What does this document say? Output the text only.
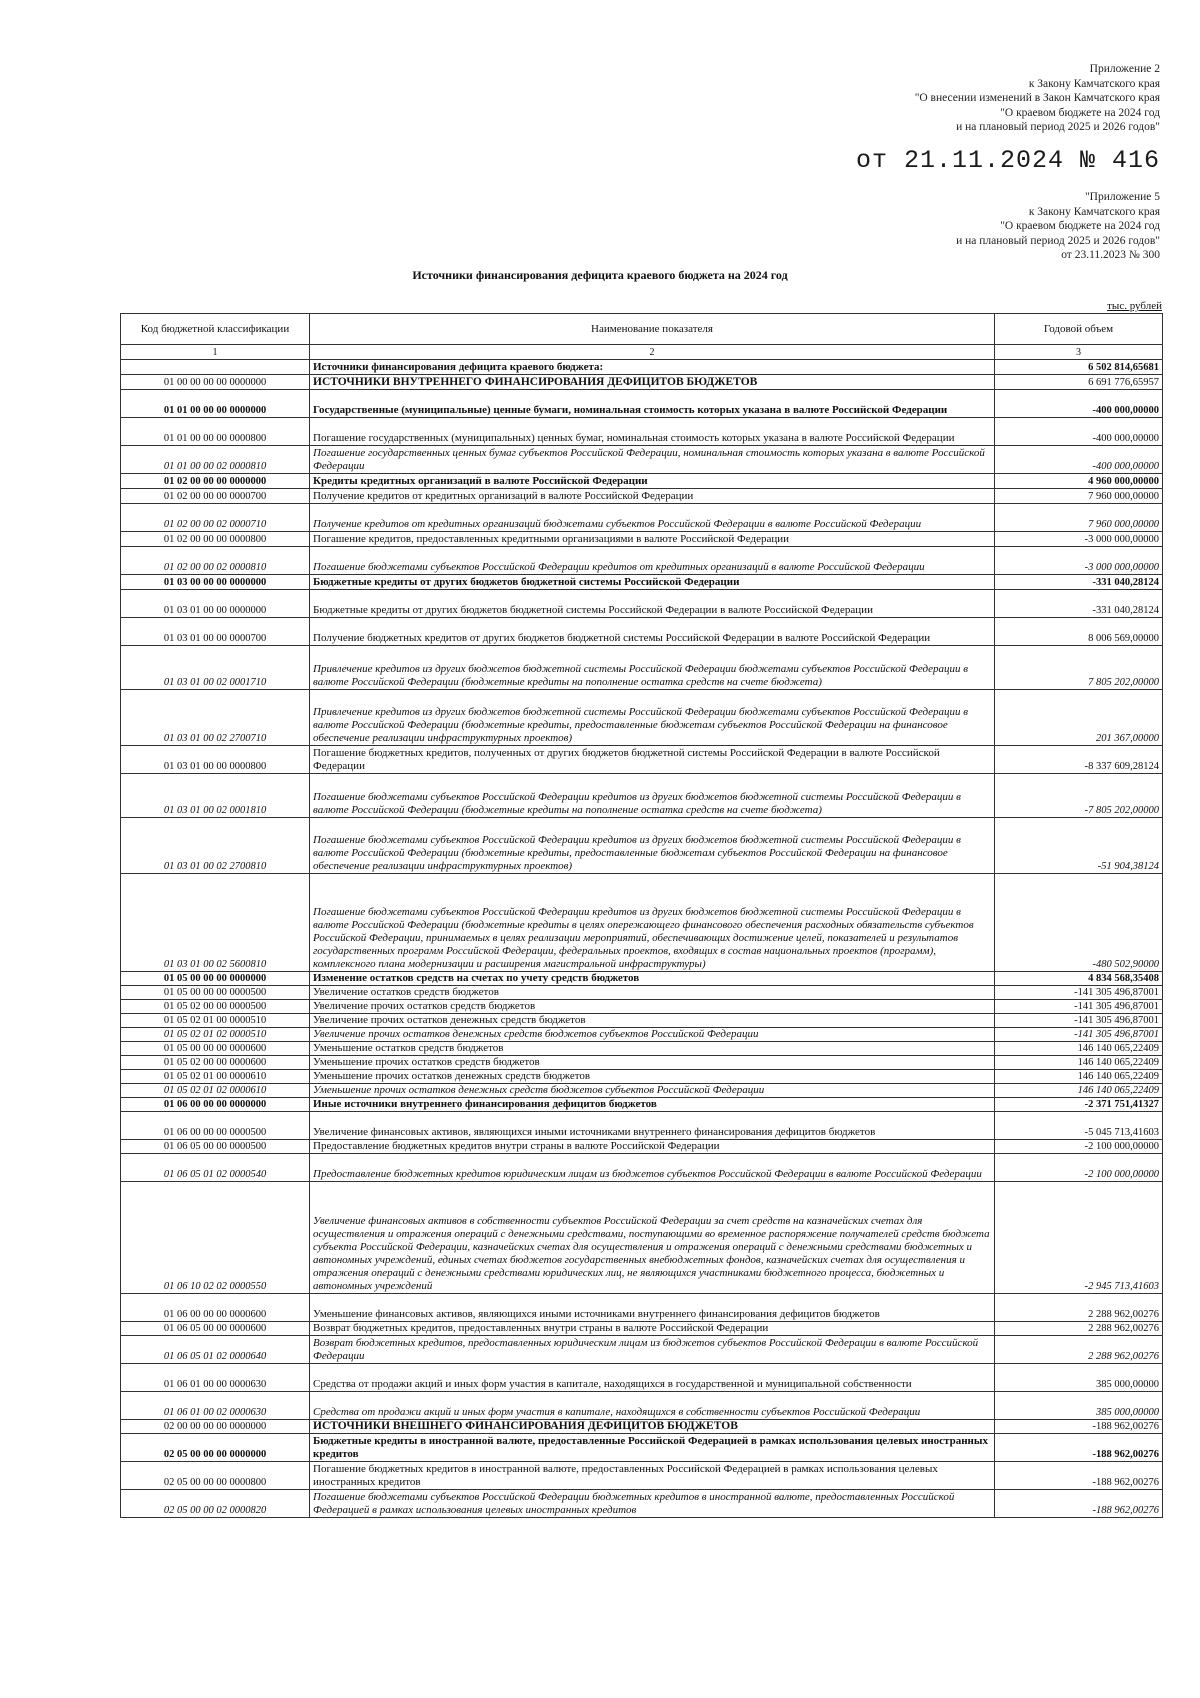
Приложение 2
к Закону Камчатского края
"О внесении изменений в Закон Камчатского края
"О краевом бюджете на 2024 год
и на плановый период 2025 и 2026 годов"
от 21.11.2024 № 416
"Приложение 5
к Закону Камчатского края
"О краевом бюджете на 2024 год
и на плановый период 2025 и 2026 годов"
от 23.11.2023 № 300
Источники финансирования дефицита краевого бюджета на 2024 год
тыс. рублей
Код бюджетной классификации	Наименование показателя	Годовой объем
1	2	3
	Источники финансирования дефицита краевого бюджета:	6 502 814,65681
01 00 00 00 00 0000000	ИСТОЧНИКИ ВНУТРЕННЕГО ФИНАНСИРОВАНИЯ ДЕФИЦИТОВ БЮДЖЕТОВ	6 691 776,65957
01 01 00 00 00 0000000	Государственные (муниципальные) ценные бумаги, номинальная стоимость которых указана в валюте Российской Федерации	-400 000,00000
01 01 00 00 00 0000800	Погашение государственных (муниципальных) ценных бумаг, номинальная стоимость которых указана в валюте Российской Федерации	-400 000,00000
01 01 00 00 02 0000810	Погашение государственных ценных бумаг субъектов Российской Федерации, номинальная стоимость которых указана в валюте Российской Федерации	-400 000,00000
01 02 00 00 00 0000000	Кредиты кредитных организаций в валюте Российской Федерации	4 960 000,00000
01 02 00 00 00 0000700	Получение кредитов от кредитных организаций в валюте Российской Федерации	7 960 000,00000
01 02 00 00 02 0000710	Получение кредитов от кредитных организаций бюджетами субъектов Российской Федерации в валюте Российской Федерации	7 960 000,00000
01 02 00 00 00 0000800	Погашение кредитов, предоставленных кредитными организациями в валюте Российской Федерации	-3 000 000,00000
01 02 00 00 02 0000810	Погашение бюджетами субъектов Российской Федерации кредитов от кредитных организаций в валюте Российской Федерации	-3 000 000,00000
01 03 00 00 00 0000000	Бюджетные кредиты от других бюджетов бюджетной системы Российской Федерации	-331 040,28124
01 03 01 00 00 0000000	Бюджетные кредиты от других бюджетов бюджетной системы Российской Федерации в валюте Российской Федерации	-331 040,28124
01 03 01 00 00 0000700	Получение бюджетных кредитов от других бюджетов бюджетной системы Российской Федерации в валюте Российской Федерации	8 006 569,00000
01 03 01 00 02 0001710	Привлечение кредитов из других бюджетов бюджетной системы Российской Федерации бюджетами субъектов Российской Федерации в валюте Российской Федерации (бюджетные кредиты на пополнение остатка средств на счете бюджета)	7 805 202,00000
01 03 01 00 02 2700710	Привлечение кредитов из других бюджетов бюджетной системы Российской Федерации бюджетами субъектов Российской Федерации в валюте Российской Федерации (бюджетные кредиты, предоставленные бюджетам субъектов Российской Федерации на финансовое обеспечение реализации инфраструктурных проектов)	201 367,00000
01 03 01 00 00 0000800	Погашение бюджетных кредитов, полученных от других бюджетов бюджетной системы Российской Федерации в валюте Российской Федерации	-8 337 609,28124
01 03 01 00 02 0001810	Погашение бюджетами субъектов Российской Федерации кредитов из других бюджетов бюджетной системы Российской Федерации в валюте Российской Федерации (бюджетные кредиты на пополнение остатка средств на счете бюджета)	-7 805 202,00000
01 03 01 00 02 2700810	Погашение бюджетами субъектов Российской Федерации кредитов из других бюджетов бюджетной системы Российской Федерации в валюте Российской Федерации (бюджетные кредиты, предоставленные бюджетам субъектов Российской Федерации на финансовое обеспечение реализации инфраструктурных проектов)	-51 904,38124
01 03 01 00 02 5600810	Погашение бюджетами субъектов Российской Федерации кредитов из других бюджетов бюджетной системы Российской Федерации в валюте Российской Федерации (бюджетные кредиты в целях опережающего финансового обеспечения расходных обязательств субъектов Российской Федерации, принимаемых в целях реализации мероприятий, обеспечивающих достижение целей, показателей и результатов государственных программ Российской Федерации, федеральных проектов, входящих в состав национальных проектов (программ), комплексного плана модернизации и расширения магистральной инфраструктуры)	-480 502,90000
01 05 00 00 00 0000000	Изменение остатков средств на счетах по учету средств бюджетов	4 834 568,35408
01 05 00 00 00 0000500	Увеличение остатков средств бюджетов	-141 305 496,87001
01 05 02 00 00 0000500	Увеличение прочих остатков средств бюджетов	-141 305 496,87001
01 05 02 01 00 0000510	Увеличение прочих остатков денежных средств бюджетов	-141 305 496,87001
01 05 02 01 02 0000510	Увеличение прочих остатков денежных средств бюджетов субъектов Российской Федерации	-141 305 496,87001
01 05 00 00 00 0000600	Уменьшение остатков средств бюджетов	146 140 065,22409
01 05 02 00 00 0000600	Уменьшение прочих остатков средств бюджетов	146 140 065,22409
01 05 02 01 00 0000610	Уменьшение прочих остатков денежных средств бюджетов	146 140 065,22409
01 05 02 01 02 0000610	Уменьшение прочих остатков денежных средств бюджетов субъектов Российской Федерации	146 140 065,22409
01 06 00 00 00 0000000	Иные источники внутреннего финансирования дефицитов бюджетов	-2 371 751,41327
01 06 00 00 00 0000500	Увеличение финансовых активов, являющихся иными источниками внутреннего финансирования дефицитов бюджетов	-5 045 713,41603
01 06 05 00 00 0000500	Предоставление бюджетных кредитов внутри страны в валюте Российской Федерации	-2 100 000,00000
01 06 05 01 02 0000540	Предоставление бюджетных кредитов юридическим лицам из бюджетов субъектов Российской Федерации в валюте Российской Федерации	-2 100 000,00000
01 06 10 02 02 0000550	Увеличение финансовых активов в собственности субъектов Российской Федерации за счет средств на казначейских счетах для осуществления и отражения операций с денежными средствами, поступающими во временное распоряжение получателей средств бюджета субъекта Российской Федерации, казначейских счетах для осуществления и отражения операций с денежными средствами бюджетных и автономных учреждений, единых счетах бюджетов государственных внебюджетных фондов, казначейских счетах для осуществления и отражения операций с денежными средствами юридических лиц, не являющихся участниками бюджетного процесса, бюджетных и автономных учреждений	-2 945 713,41603
01 06 00 00 00 0000600	Уменьшение финансовых активов, являющихся иными источниками внутреннего финансирования дефицитов бюджетов	2 288 962,00276
01 06 05 00 00 0000600	Возврат бюджетных кредитов, предоставленных внутри страны в валюте Российской Федерации	2 288 962,00276
01 06 05 01 02 0000640	Возврат бюджетных кредитов, предоставленных юридическим лицам из бюджетов субъектов Российской Федерации в валюте Российской Федерации	2 288 962,00276
01 06 01 00 00 0000630	Средства от продажи акций и иных форм участия в капитале, находящихся в государственной и муниципальной собственности	385 000,00000
01 06 01 00 02 0000630	Средства от продажи акций и иных форм участия в капитале, находящихся в собственности субъектов Российской Федерации	385 000,00000
02 00 00 00 00 0000000	ИСТОЧНИКИ ВНЕШНЕГО ФИНАНСИРОВАНИЯ ДЕФИЦИТОВ БЮДЖЕТОВ	-188 962,00276
02 05 00 00 00 0000000	Бюджетные кредиты в иностранной валюте, предоставленные Российской Федерацией в рамках использования целевых иностранных кредитов	-188 962,00276
02 05 00 00 00 0000800	Погашение бюджетных кредитов в иностранной валюте, предоставленных Российской Федерацией в рамках использования целевых иностранных кредитов	-188 962,00276
02 05 00 00 02 0000820	Погашение бюджетами субъектов Российской Федерации бюджетных кредитов в иностранной валюте, предоставленных Российской Федерацией в рамках использования целевых иностранных кредитов	-188 962,00276
